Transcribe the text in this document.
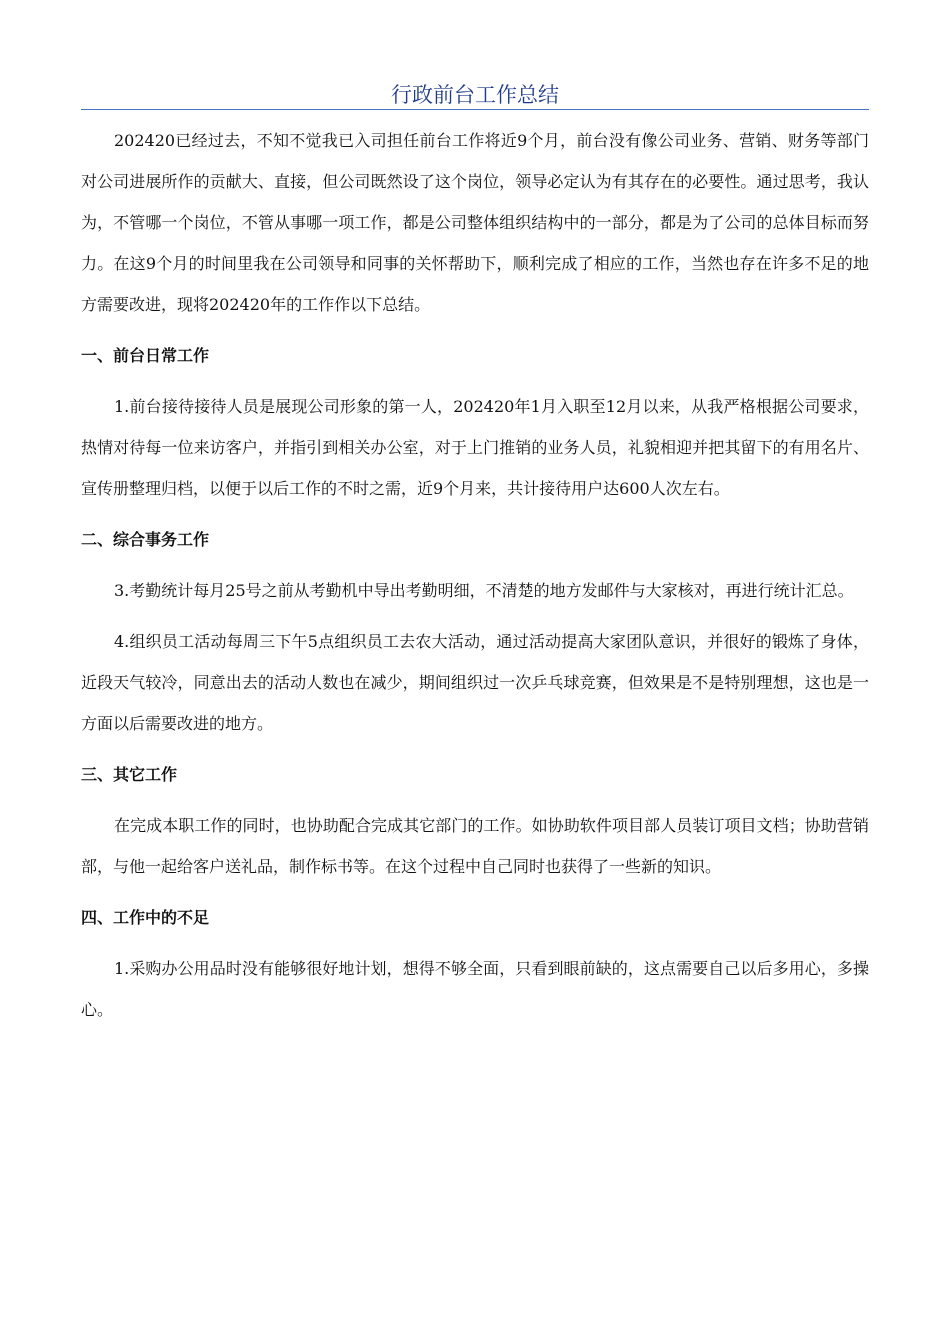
行政前台工作总结

202420已经过去，不知不觉我已入司担任前台工作将近9个月，前台没有像公司业务、营销、财务等部门对公司进展所作的贡献大、直接，但公司既然设了这个岗位，领导必定认为有其存在的必要性。通过思考，我认为，不管哪一个岗位，不管从事哪一项工作，都是公司整体组织结构中的一部分，都是为了公司的总体目标而努力。在这9个月的时间里我在公司领导和同事的关怀帮助下，顺利完成了相应的工作，当然也存在许多不足的地方需要改进，现将202420年的工作作以下总结。

一、前台日常工作

1.前台接待接待人员是展现公司形象的第一人，202420年1月入职至12月以来，从我严格根据公司要求，热情对待每一位来访客户，并指引到相关办公室，对于上门推销的业务人员，礼貌相迎并把其留下的有用名片、宣传册整理归档，以便于以后工作的不时之需，近9个月来，共计接待用户达600人次左右。

二、综合事务工作

3.考勤统计每月25号之前从考勤机中导出考勤明细，不清楚的地方发邮件与大家核对，再进行统计汇总。

4.组织员工活动每周三下午5点组织员工去农大活动，通过活动提高大家团队意识，并很好的锻炼了身体，近段天气较冷，同意出去的活动人数也在减少，期间组织过一次乒乓球竞赛，但效果是不是特别理想，这也是一方面以后需要改进的地方。

三、其它工作

在完成本职工作的同时，也协助配合完成其它部门的工作。如协助软件项目部人员装订项目文档；协助营销部，与他一起给客户送礼品，制作标书等。在这个过程中自己同时也获得了一些新的知识。

四、工作中的不足

1.采购办公用品时没有能够很好地计划，想得不够全面，只看到眼前缺的，这点需要自己以后多用心，多操心。
